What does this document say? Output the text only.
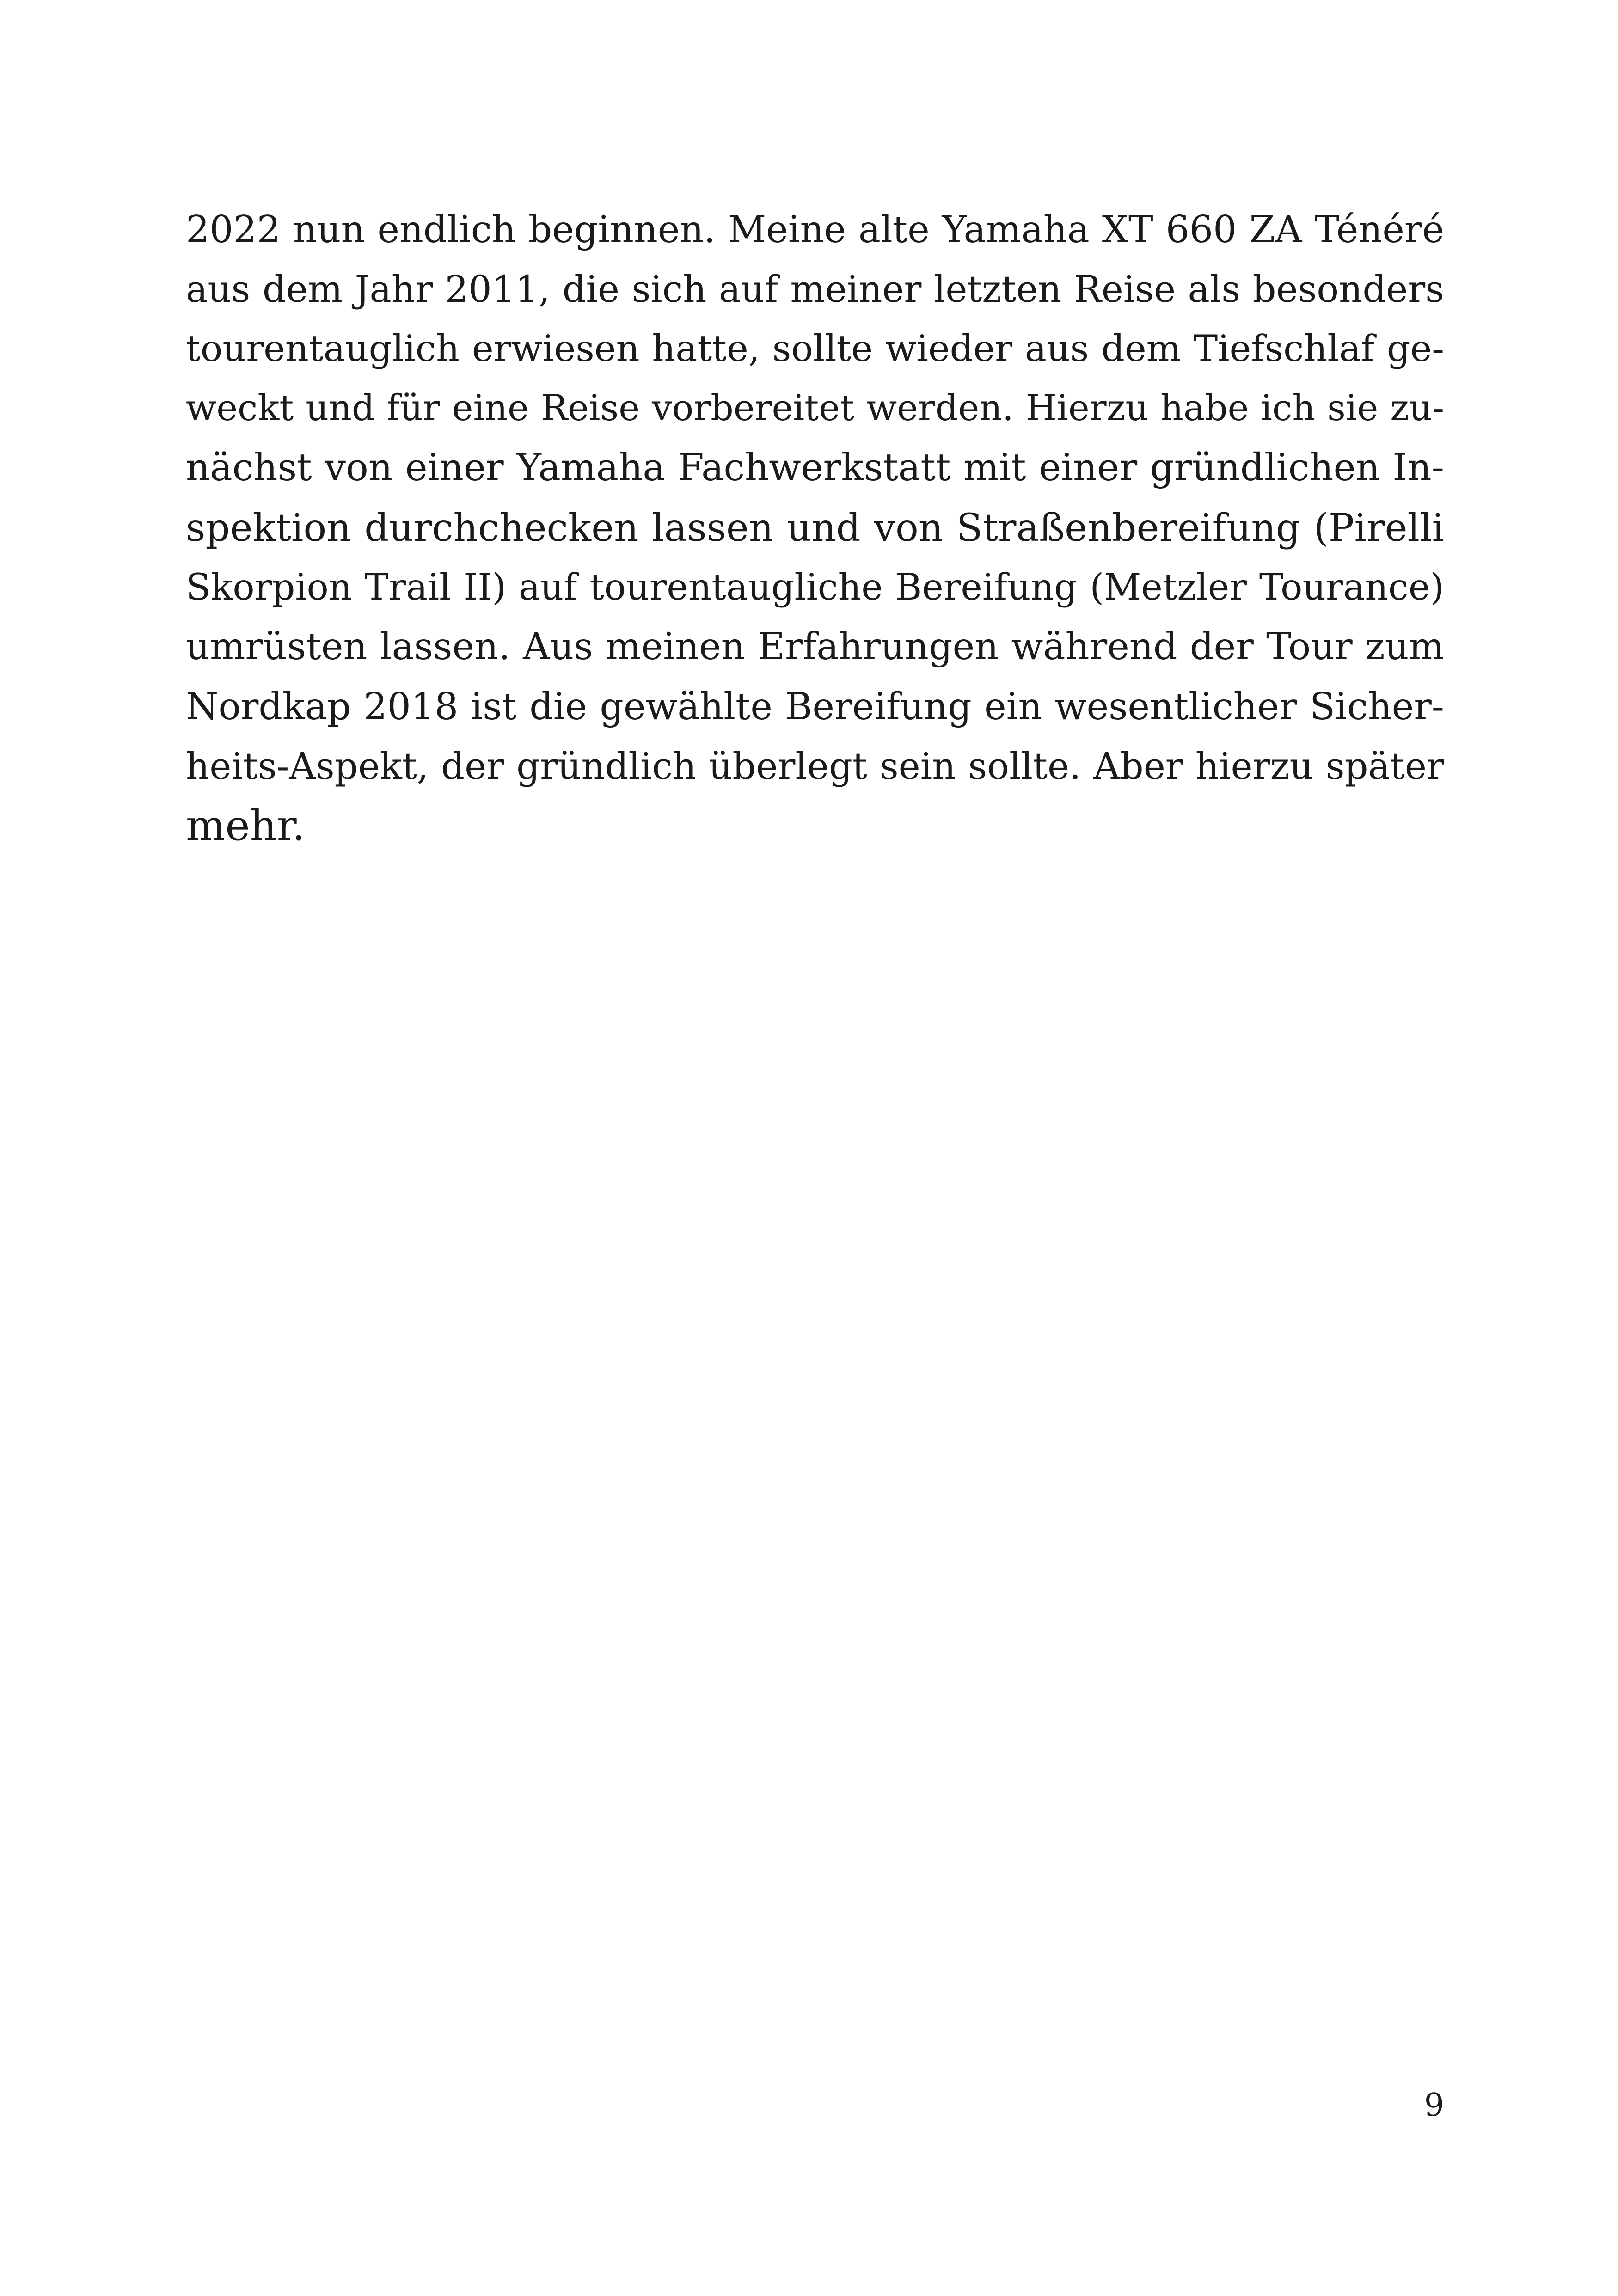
2022 nun endlich beginnen. Meine alte Yamaha XT 660 ZA Ténéré
aus dem Jahr 2011, die sich auf meiner letzten Reise als besonders
tourentauglich erwiesen hatte, sollte wieder aus dem Tiefschlaf ge-
weckt und für eine Reise vorbereitet werden. Hierzu habe ich sie zu-
nächst von einer Yamaha Fachwerkstatt mit einer gründlichen In-
spektion durchchecken lassen und von Straßenbereifung (Pirelli
Skorpion Trail II) auf tourentaugliche Bereifung (Metzler Tourance)
umrüsten lassen. Aus meinen Erfahrungen während der Tour zum
Nordkap 2018 ist die gewählte Bereifung ein wesentlicher Sicher-
heits-Aspekt, der gründlich überlegt sein sollte. Aber hierzu später
mehr.
9
